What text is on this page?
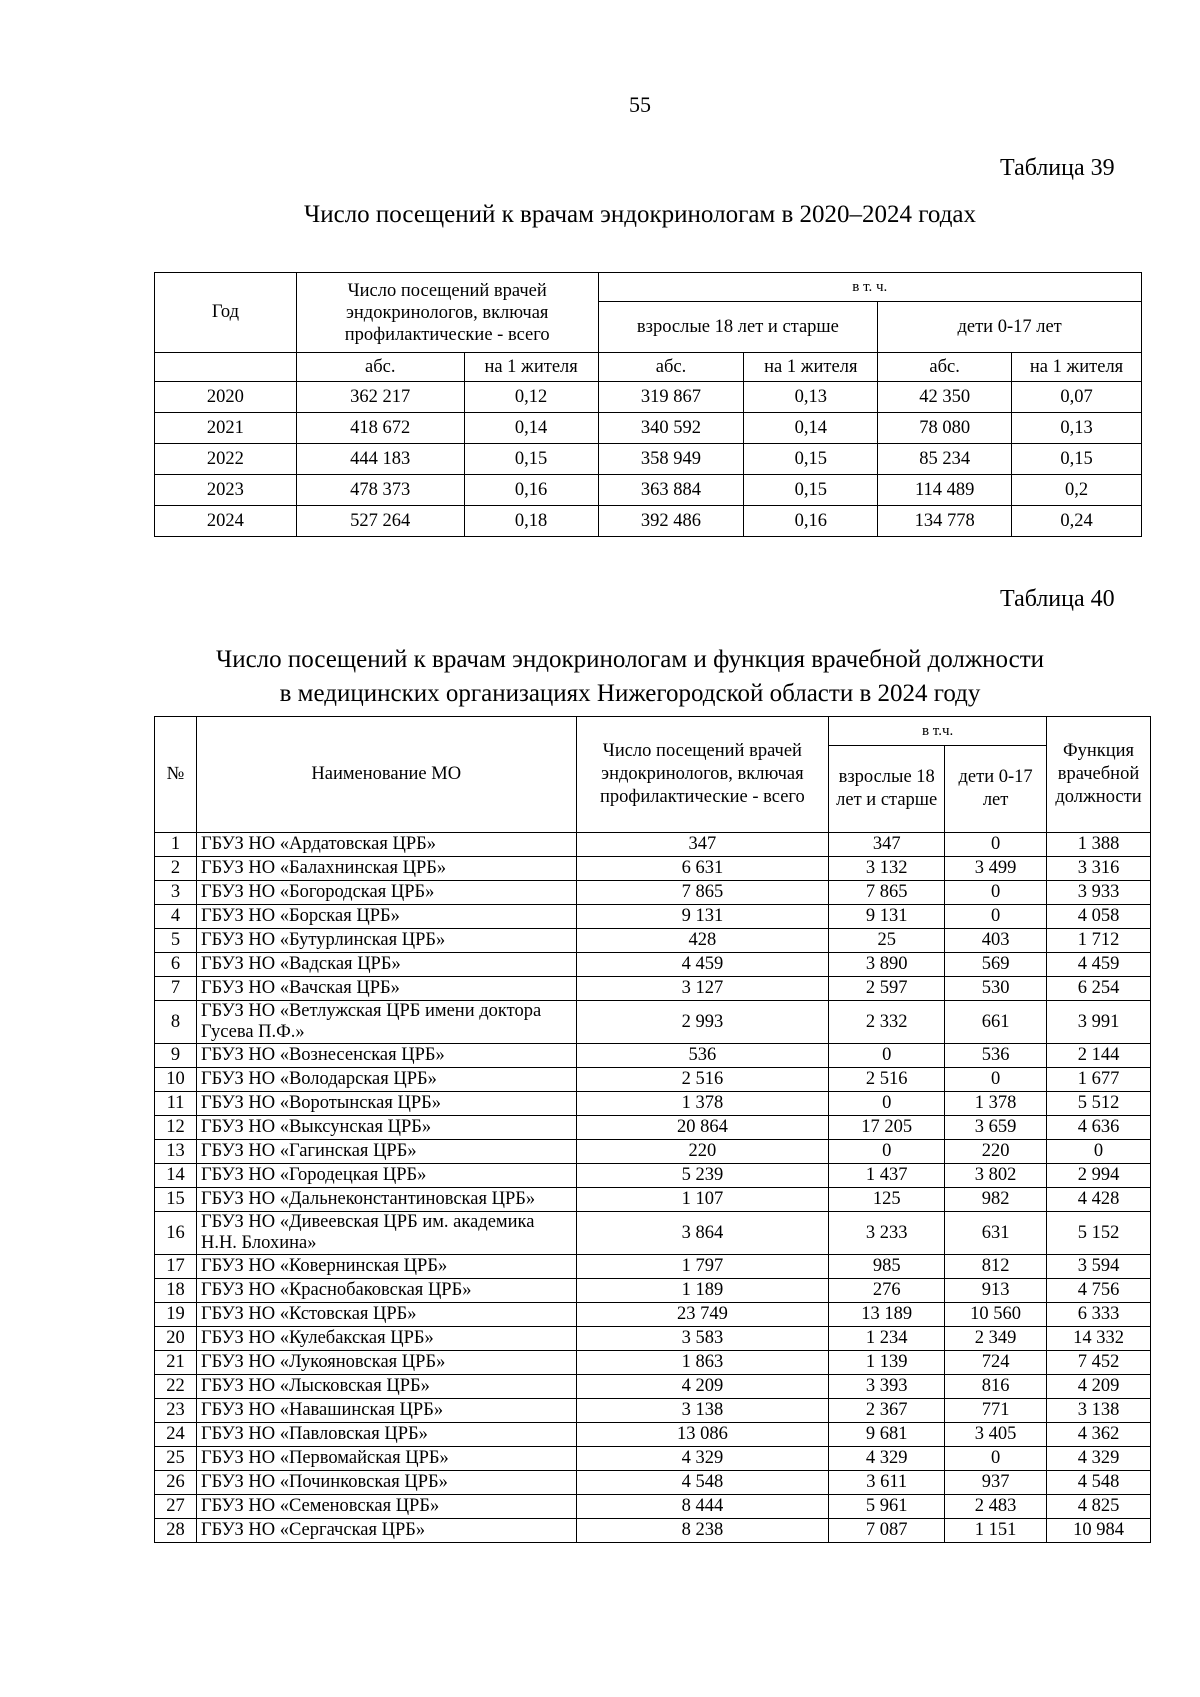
55
Таблица 39
Число посещений к врачам эндокринологам в 2020–2024 годах
Год	Число посещений врачей эндокринологов, включая профилактические - всего		в т. ч.			
			взрослые 18 лет и старше		дети 0-17 лет	
	абс.	на 1 жителя	абс.	на 1 жителя	абс.	на 1 жителя
2020	362 217	0,12	319 867	0,13	42 350	0,07
2021	418 672	0,14	340 592	0,14	78 080	0,13
2022	444 183	0,15	358 949	0,15	85 234	0,15
2023	478 373	0,16	363 884	0,15	114 489	0,2
2024	527 264	0,18	392 486	0,16	134 778	0,24
Таблица 40
Число посещений к врачам эндокринологам и функция врачебной должности
в медицинских организациях Нижегородской области в 2024 году
№	Наименование МО	Число посещений врачей эндокринологов, включая профилактические - всего	в т.ч.		Функция врачебной должности
			взрослые 18 лет и старше	дети 0-17 лет	
1	ГБУЗ НО «Ардатовская ЦРБ»	347	347	0	1 388
2	ГБУЗ НО «Балахнинская ЦРБ»	6 631	3 132	3 499	3 316
3	ГБУЗ НО «Богородская ЦРБ»	7 865	7 865	0	3 933
4	ГБУЗ НО «Борская ЦРБ»	9 131	9 131	0	4 058
5	ГБУЗ НО «Бутурлинская ЦРБ»	428	25	403	1 712
6	ГБУЗ НО «Вадская ЦРБ»	4 459	3 890	569	4 459
7	ГБУЗ НО «Вачская ЦРБ»	3 127	2 597	530	6 254
8	ГБУЗ НО «Ветлужская ЦРБ имени доктора Гусева П.Ф.»	2 993	2 332	661	3 991
9	ГБУЗ НО «Вознесенская ЦРБ»	536	0	536	2 144
10	ГБУЗ НО «Володарская ЦРБ»	2 516	2 516	0	1 677
11	ГБУЗ НО «Воротынская ЦРБ»	1 378	0	1 378	5 512
12	ГБУЗ НО «Выксунская ЦРБ»	20 864	17 205	3 659	4 636
13	ГБУЗ НО «Гагинская ЦРБ»	220	0	220	0
14	ГБУЗ НО «Городецкая ЦРБ»	5 239	1 437	3 802	2 994
15	ГБУЗ НО «Дальнеконстантиновская ЦРБ»	1 107	125	982	4 428
16	ГБУЗ НО «Дивеевская ЦРБ им. академика Н.Н. Блохина»	3 864	3 233	631	5 152
17	ГБУЗ НО «Ковернинская ЦРБ»	1 797	985	812	3 594
18	ГБУЗ НО «Краснобаковская ЦРБ»	1 189	276	913	4 756
19	ГБУЗ НО «Кстовская ЦРБ»	23 749	13 189	10 560	6 333
20	ГБУЗ НО «Кулебакская ЦРБ»	3 583	1 234	2 349	14 332
21	ГБУЗ НО «Лукояновская ЦРБ»	1 863	1 139	724	7 452
22	ГБУЗ НО «Лысковская ЦРБ»	4 209	3 393	816	4 209
23	ГБУЗ НО «Навашинская ЦРБ»	3 138	2 367	771	3 138
24	ГБУЗ НО «Павловская ЦРБ»	13 086	9 681	3 405	4 362
25	ГБУЗ НО «Первомайская ЦРБ»	4 329	4 329	0	4 329
26	ГБУЗ НО «Починковская ЦРБ»	4 548	3 611	937	4 548
27	ГБУЗ НО «Семеновская ЦРБ»	8 444	5 961	2 483	4 825
28	ГБУЗ НО «Сергачская ЦРБ»	8 238	7 087	1 151	10 984
